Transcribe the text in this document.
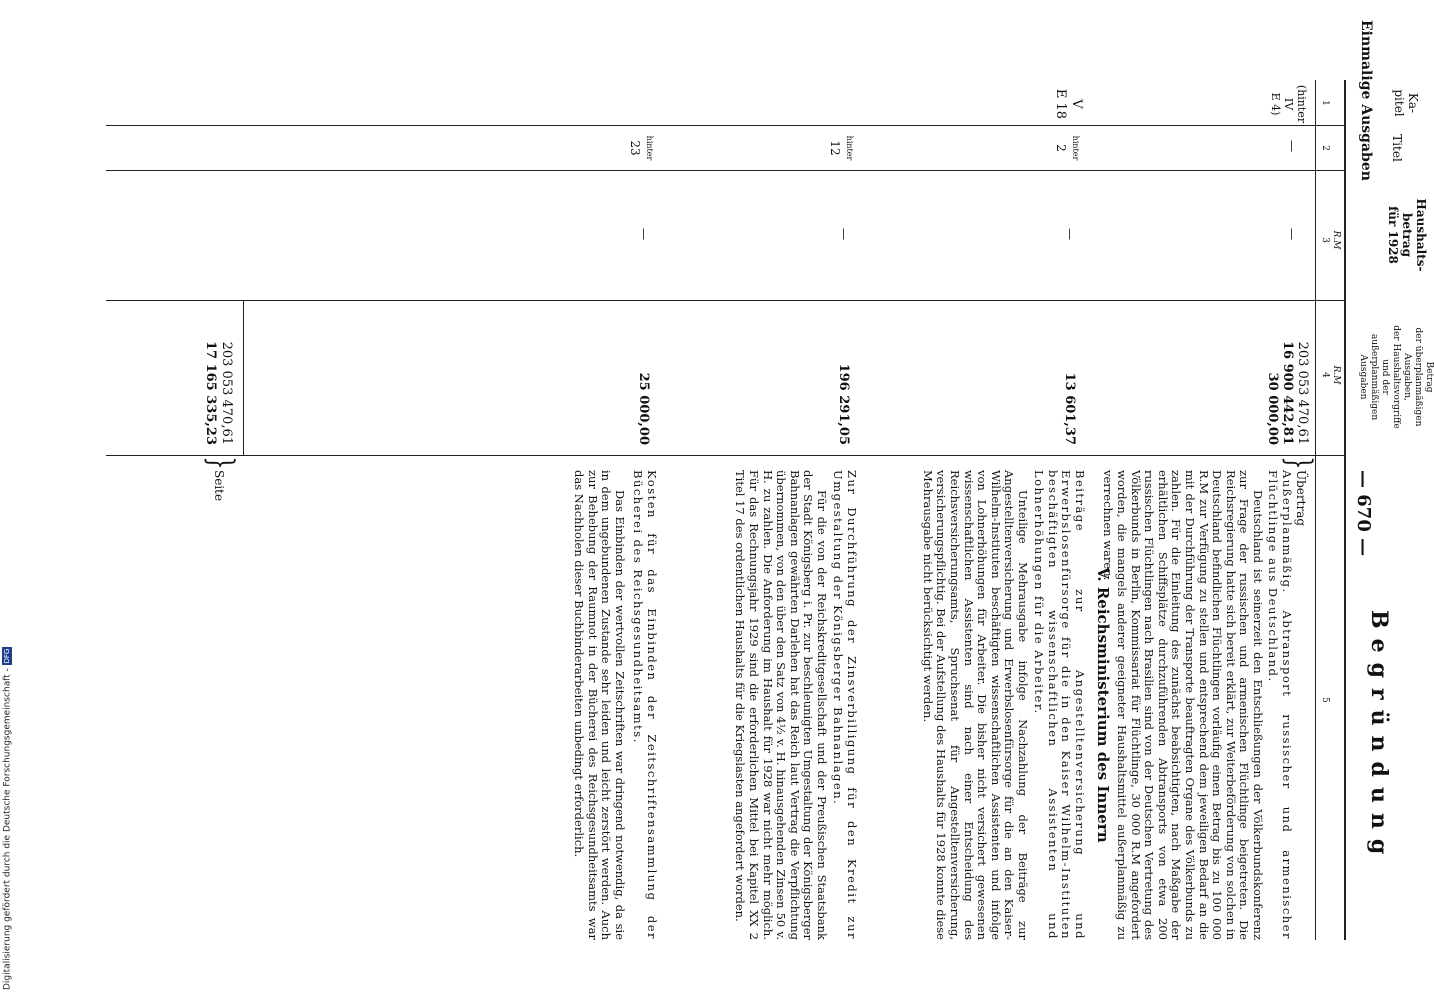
Einmalige Ausgaben
— 670 —
Ka-
pitel
Titel
Haushalts-
betrag
für 1928
Betrag
der überplanmäßigen
Ausgaben,
der Haushaltsvorgriffe
und der
außerplanmäßigen
Ausgaben
Begründung
1
2
R.M
3
R.M
4
5
(hinter
IV
E 4)
—
—
203 053 470,61
16 900 442,81
30 000,00
}
Übertrag
Außerplanmäßig. Abtransport russischer und armenischer Flüchtlinge aus Deutschland.
Deutschland ist seinerzeit den Entschließungen der Völkerbundskonferenz zur Frage der russischen und armenischen Flüchtlinge beigetreten. Die Reichsregierung hatte sich bereit erklärt, zur Weiterbeförderung von solchen in Deutschland befindlichen Flüchtlingen vorläufig einen Betrag bis zu 100 000 R.M zur Verfügung zu stellen und entsprechend dem jeweiligen Bedarf an die mit der Durchführung der Transporte beauftragten Organe des Völkerbunds zu zahlen. Für die Einleitung des zunächst beabsichtigten, nach Maßgabe der erhältlichen Schiffsplätze durchzuführenden Abtransports von etwa 200 russischen Flüchtlingen nach Brasilien sind von der Deutschen Vertretung des Völkerbunds in Berlin, Kommissariat für Flüchtlinge, 30 000 R.M angefordert worden, die mangels anderer geeigneter Haushaltsmittel außerplanmäßig zu verrechnen waren.
V. Reichsministerium des Innern
V
E 18
hinter
2
—
13 601,37
Beiträge zur Angestelltenversicherung und Erwerbslosenfürsorge für die in den Kaiser Wilhelm-Instituten beschäftigten wissenschaftlichen Assistenten und Lohnerhöhungen für die Arbeiter.
Unteilige Mehrausgabe infolge Nachzahlung der Beiträge zur Angestelltenversicherung und Erwerbslosenfürsorge für die an den Kaiser-Wilhelm-Instituten beschäftigten wissenschaftlichen Assistenten und infolge von Lohnerhöhungen für Arbeiter. Die bisher nicht versichert gewesenen wissenschaftlichen Assistenten sind nach einer Entscheidung des Reichsversicherungsamts, Spruchsenat für Angestelltenversicherung, versicherungspflichtig. Bei der Aufstellung des Haushalts für 1928 konnte diese Mehrausgabe nicht berücksichtigt werden.
hinter
12
—
196 291,05
Zur Durchführung der Zinsverbilligung für den Kredit zur Umgestaltung der Königsberger Bahnanlagen.
Für die von der Reichskreditgesellschaft und der Preußischen Staatsbank der Stadt Königsberg i. Pr. zur beschleunigten Umgestaltung der Königsberger Bahnanlagen gewährten Darlehen hat das Reich laut Vertrag die Verpflichtung übernommen, von den über den Satz von 4½ v. H. hinausgehenden Zinsen 50 v. H. zu zahlen. Die Anforderung im Haushalt für 1928 war nicht mehr möglich. Für das Rechnungsjahr 1929 sind die erforderlichen Mittel bei Kapitel XX 2 Titel 17 des ordentlichen Haushalts für die Kriegslasten angefordert worden.
hinter
23
—
25 000,00
Kosten für das Einbinden der Zeitschriftensammlung der Bücherei des Reichsgesundheitsamts.
Das Einbinden der wertvollen Zeitschriften war dringend notwendig, da sie in dem ungebundenen Zustande sehr leiden und leicht zerstört werden. Auch zur Behebung der Raumnot in der Bücherei des Reichsgesundheitsamts war das Nachholen dieser Buchbinderarbeiten unbedingt erforderlich.
203 053 470,61
17 165 335,23
}
Seite
Digitalisierung gefördert durch die Deutsche Forschungsgemeinschaft -DFG
